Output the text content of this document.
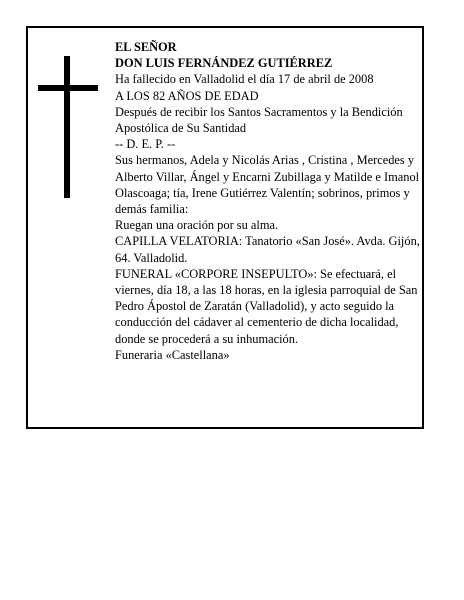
EL SEÑOR

DON LUIS FERNÁNDEZ GUTIÉRREZ

Ha fallecido en Valladolid el día 17 de abril de 2008

A LOS 82 AÑOS DE EDAD

Después de recibir los Santos Sacramentos y la Bendición Apostólica de Su Santidad

-- D. E. P. --

Sus hermanos, Adela y Nicolás Arias , Cristina , Mercedes y Alberto Villar, Ángel y Encarni Zubillaga y Matilde e Imanol Olascoaga; tía, Irene Gutiérrez Valentín; sobrinos, primos y demás familia:

Ruegan una oración por su alma.

CAPILLA VELATORIA: Tanatorio «San José». Avda. Gijón, 64. Valladolid.

FUNERAL «CORPORE INSEPULTO»: Se efectuará, el viernes, día 18, a las 18 horas, en la iglesia parroquial de San Pedro Ápostol de Zaratán (Valladolid), y acto seguido la conducción del cádaver al cementerio de dicha localidad, donde se procederá a su inhumación.

Funeraria «Castellana»
